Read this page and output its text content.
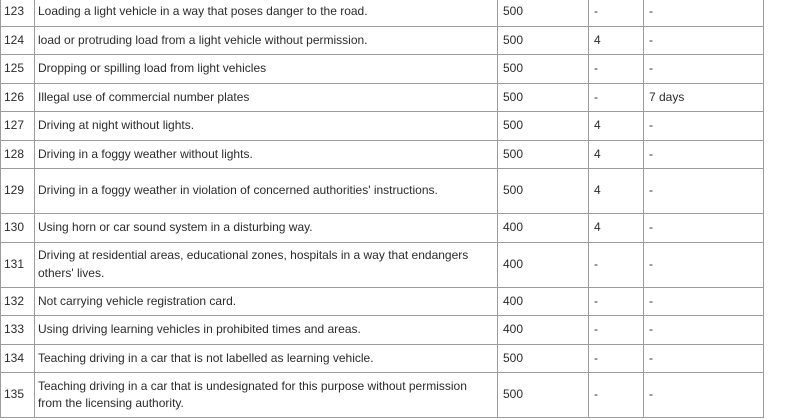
123	Loading a light vehicle in a way that poses danger to the road.	500	-	-
124	load or protruding load from a light vehicle without permission.	500	4	-
125	Dropping or spilling load from light vehicles	500	-	-
126	Illegal use of commercial number plates	500	-	7 days
127	Driving at night without lights.	500	4	-
128	Driving in a foggy weather without lights.	500	4	-
129	Driving in a foggy weather in violation of concerned authorities' instructions.	500	4	-
130	Using horn or car sound system in a disturbing way.	400	4	-
131	Driving at residential areas, educational zones, hospitals in a way that endangers others' lives.	400	-	-
132	Not carrying vehicle registration card.	400	-	-
133	Using driving learning vehicles in prohibited times and areas.	400	-	-
134	Teaching driving in a car that is not labelled as learning vehicle.	500	-	-
135	Teaching driving in a car that is undesignated for this purpose without permission from the licensing authority.	500	-	-
